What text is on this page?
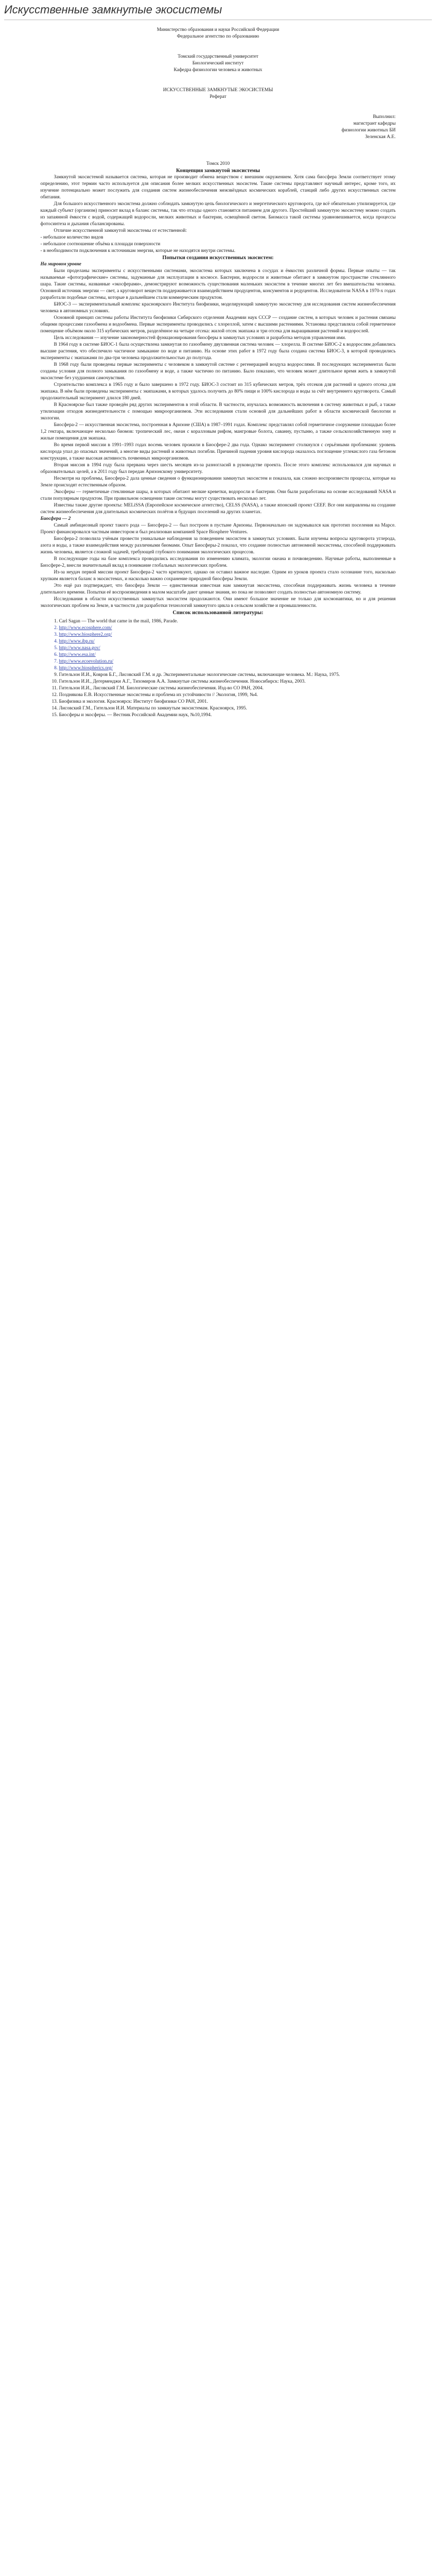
Искусственные замкнутые экосистемы

Министерство образования и науки Российской Федерации

Федеральное агентство по образованию

Томский государственный университет

Биологический институт

Кафедра физиологии человека и животных

ИСКУССТВЕННЫЕ ЗАМКНУТЫЕ ЭКОСИСТЕМЫ

Реферат

Выполнил:

магистрант кафедры

физиологии животных БИ

Зеленская А.Е.

Томск 2010

Концепция замкнутой экосистемы

Замкнутой экосистемой называется система, которая не производит обмена веществом с внешним окружением. Хотя сама биосфера Земли соответствует этому определению, этот термин часто используется для описания более мелких искусственных экосистем. Такие системы представляют научный интерес, кроме того, их изучение потенциально может послужить для создания систем жизнеобеспечения межзвёздных космических кораблей, станций либо других искусственных систем обитания.

Для большого искусственного экосистема должно соблюдать замкнутую цепь биологического и энергетического круговорота, где всё обязательно утилизируется, где каждый субъект (организм) приносит вклад в баланс системы, так что отходы одного становятся питанием для другого. Простейший замкнутую экосистему можно создать из запаянной ёмкости с водой, содержащей водоросли, мелких животных и бактерии, освещённой светом. Биомасса такой системы уравновешивается, когда процессы фотосинтеза и дыхания сбалансированы.

Отличие искусственной замкнутой экосистемы от естественной:

- небольшое количество видов

- небольшое соотношение объёма к площади поверхности

- в необходимости подключения к источникам энергии, которые не находятся внутри системы.

Попытки создания искусственных экосистем:

На мировом уровне

Были проделаны эксперименты с искусственными системами, экосистема которых заключена в сосудах и ёмкостях различной формы. Первые опыты — так называемые «фотографические» системы, задуманные для эксплуатации в космосе. Бактерии, водоросли и животные обитают в замкнутом пространстве стеклянного шара. Такие системы, названные «экосферами», демонстрируют возможность существования маленьких экосистем в течение многих лет без вмешательства человека. Основной источник энергии — свет, а круговорот веществ поддерживается взаимодействием продуцентов, консументов и редуцентов. Исследователи NASA в 1970-х годах разработали подобные системы, которые в дальнейшем стали коммерческим продуктом.

БИОС-3 — экспериментальный комплекс красноярского Института биофизики, моделирующий замкнутую экосистему для исследования систем жизнеобеспечения человека в автономных условиях.

Основной принцип системы работы Института биофизики Сибирского отделения Академии наук СССР — создание систем, в которых человек и растения связаны общими процессами газообмена и водообмена. Первые эксперименты проводились с хлореллой, затем с высшими растениями. Установка представляла собой герметичное помещение объёмом около 315 кубических метров, разделённое на четыре отсека: жилой отсек экипажа и три отсека для выращивания растений и водорослей.

Цель исследования — изучение закономерностей функционирования биосферы в замкнутых условиях и разработка методов управления ими.

В 1964 году в системе БИОС-1 была осуществлена замкнутая по газообмену двухзвенная система человек — хлорелла. В системе БИОС-2 к водорослям добавились высшие растения, что обеспечило частичное замыкание по воде и питанию. На основе этих работ в 1972 году была создана система БИОС-3, в которой проводились эксперименты с экипажами по два-три человека продолжительностью до полугода.

В 1968 году были проведены первые эксперименты с человеком в замкнутой системе с регенерацией воздуха водорослями. В последующих экспериментах были созданы условия для полного замыкания по газообмену и воде, а также частично по питанию. Было показано, что человек может длительное время жить в замкнутой экосистеме без ухудшения самочувствия.

Строительство комплекса в 1965 году и было завершено в 1972 году. БИОС-3 состоит из 315 кубических метров, трёх отсеков для растений и одного отсека для экипажа. В нём были проведены эксперименты с экипажами, в которых удалось получить до 80% пищи и 100% кислорода и воды за счёт внутреннего круговорота. Самый продолжительный эксперимент длился 180 дней.

В Красноярске был также проведён ряд других экспериментов в этой области. В частности, изучалась возможность включения в систему животных и рыб, а также утилизации отходов жизнедеятельности с помощью микроорганизмов. Эти исследования стали основой для дальнейших работ в области космической биологии и экологии.

Биосфера-2 — искусственная экосистема, построенная в Аризоне (США) в 1987–1991 годах. Комплекс представлял собой герметичное сооружение площадью более 1,2 гектара, включающее несколько биомов: тропический лес, океан с коралловым рифом, мангровые болота, саванну, пустыню, а также сельскохозяйственную зону и жилые помещения для экипажа.

Во время первой миссии в 1991–1993 годах восемь человек прожили в Биосфере-2 два года. Однако эксперимент столкнулся с серьёзными проблемами: уровень кислорода упал до опасных значений, а многие виды растений и животных погибли. Причиной падения уровня кислорода оказалось поглощение углекислого газа бетоном конструкции, а также высокая активность почвенных микроорганизмов.

Вторая миссия в 1994 году была прервана через шесть месяцев из-за разногласий в руководстве проекта. После этого комплекс использовался для научных и образовательных целей, а в 2011 году был передан Аризонскому университету.

Несмотря на проблемы, Биосфера-2 дала ценные сведения о функционировании замкнутых экосистем и показала, как сложно воспроизвести процессы, которые на Земле происходят естественным образом.

Экосферы — герметичные стеклянные шары, в которых обитают мелкие креветки, водоросли и бактерии. Они были разработаны на основе исследований NASA и стали популярным продуктом. При правильном освещении такие системы могут существовать несколько лет.

Известны также другие проекты: MELiSSA (Европейское космическое агентство), CELSS (NASA), а также японский проект CEEF. Все они направлены на создание систем жизнеобеспечения для длительных космических полётов и будущих поселений на других планетах.

Биосфера — 2

Самый амбициозный проект такого рода — Биосфера-2 — был построен в пустыне Аризоны. Первоначально он задумывался как прототип поселения на Марсе. Проект финансировался частным инвестором и был реализован компанией Space Biosphere Ventures.

Биосфера-2 позволила учёным провести уникальные наблюдения за поведением экосистем в замкнутых условиях. Были изучены вопросы круговорота углерода, азота и воды, а также взаимодействия между различными биомами. Опыт Биосферы-2 показал, что создание полностью автономной экосистемы, способной поддерживать жизнь человека, является сложной задачей, требующей глубокого понимания экологических процессов.

В последующие годы на базе комплекса проводились исследования по изменению климата, экологии океана и почвоведению. Научные работы, выполненные в Биосфере-2, внесли значительный вклад в понимание глобальных экологических проблем.

Из-за неудач первой миссии проект Биосфера-2 часто критикуют, однако он оставил важное наследие. Одним из уроков проекта стало осознание того, насколько хрупким является баланс в экосистемах, и насколько важно сохранение природной биосферы Земли.

Это ещё раз подтверждает, что биосфера Земли — единственная известная нам замкнутая экосистема, способная поддерживать жизнь человека в течение длительного времени. Попытки её воспроизведения в малом масштабе дают ценные знания, но пока не позволяют создать полностью автономную систему.

Исследования в области искусственных замкнутых экосистем продолжаются. Они имеют большое значение не только для космонавтики, но и для решения экологических проблем на Земле, в частности для разработки технологий замкнутого цикла в сельском хозяйстве и промышленности.

Список использованной литературы:

1. Carl Sagan — The world that came in the mail, 1986, Parade.
2. http://www.ecosphere.com/
3. http://www.biosphere2.org/
4. http://www.ibp.ru/
5. http://www.nasa.gov/
6. http://www.esa.int/
7. http://www.ecoevolution.ru/
8. http://www.biospherics.org/
9. Гительзон И.И., Ковров Б.Г., Лисовский Г.М. и др. Экспериментальные экологические системы, включающие человека. М.: Наука, 1975.
10. Гительзон И.И., Дегерменджи А.Г., Тихомиров А.А. Замкнутые системы жизнеобеспечения. Новосибирск: Наука, 2003.
11. Гительзон И.И., Лисовский Г.М. Биологические системы жизнеобеспечения. Изд-во СО РАН, 2004.
12. Позднякова Е.В. Искусственные экосистемы и проблема их устойчивости // Экология, 1999, №4.
13. Биофизика и экология. Красноярск: Институт биофизики СО РАН, 2001.
14. Лисовский Г.М., Гительзон И.И. Материалы по замкнутым экосистемам. Красноярск, 1995.
15. Биосферы и экосферы. — Вестник Российской Академии наук, №10,1994.
